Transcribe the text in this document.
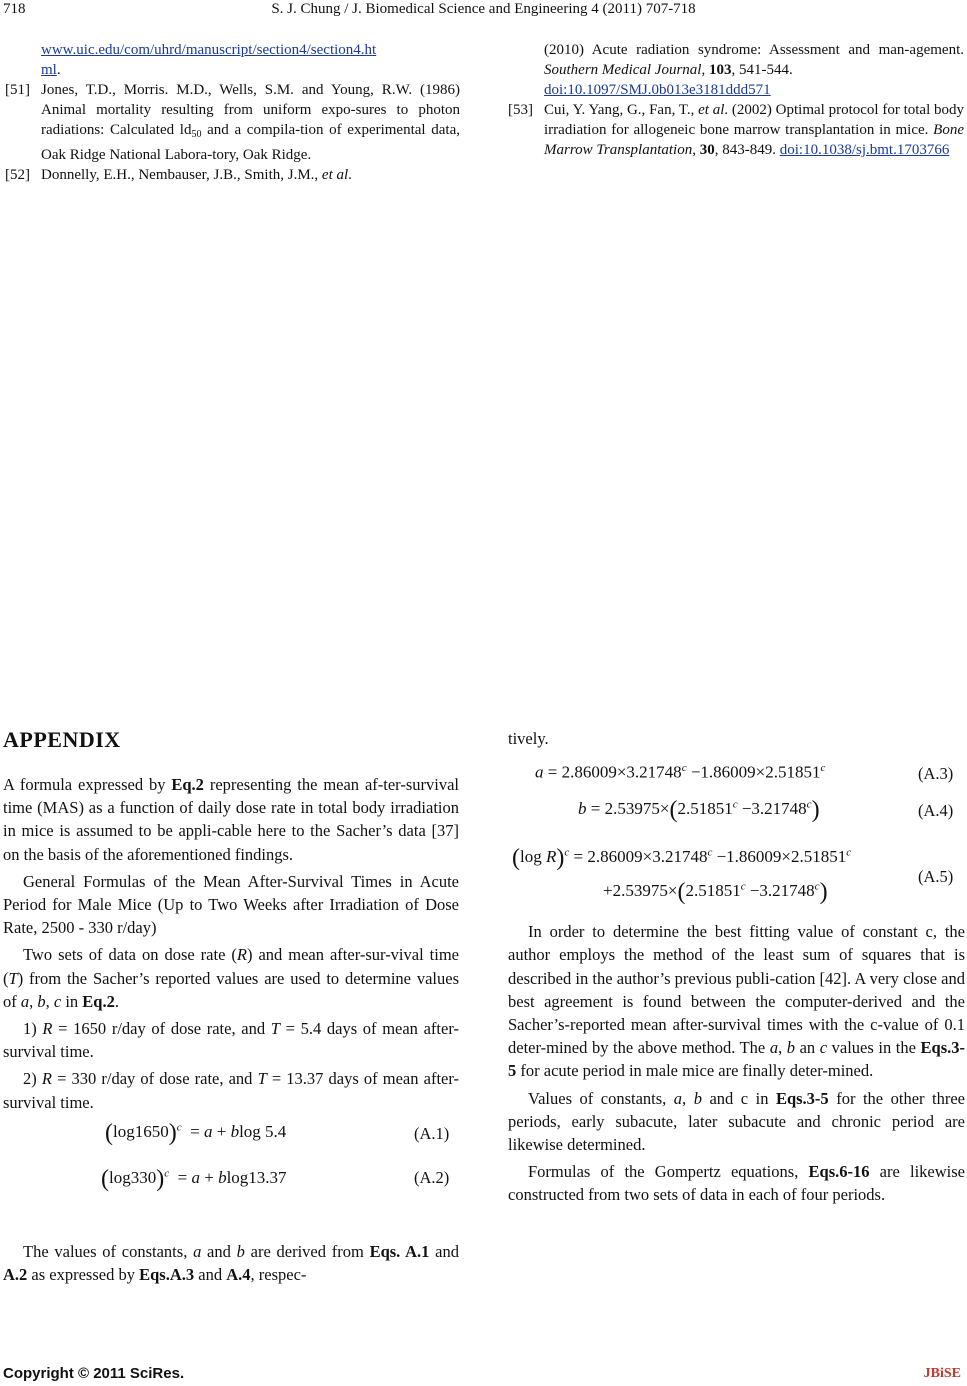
718	S. J. Chung / J. Biomedical Science and Engineering 4 (2011) 707-718
www.uic.edu/com/uhrd/manuscript/section4/section4.ht
ml.
[51] Jones, T.D., Morris. M.D., Wells, S.M. and Young, R.W. (1986) Animal mortality resulting from uniform expo-sures to photon radiations: Calculated $ld_{50}$ and a compila-tion of experimental data, Oak Ridge National Labora-tory, Oak Ridge.
[52] Donnelly, E.H., Nembauser, J.B., Smith, J.M., et al.
(2010) Acute radiation syndrome: Assessment and man-agement. Southern Medical Journal, 103, 541-544.
doi:10.1097/SMJ.0b013e3181ddd571
[53] Cui, Y. Yang, G., Fan, T., et al. (2002) Optimal protocol for total body irradiation for allogeneic bone marrow transplantation in mice. Bone Marrow Transplantation, 30, 843-849. doi:10.1038/sj.bmt.1703766
APPENDIX

A formula expressed by Eq.2 representing the mean af-ter-survival time (MAS) as a function of daily dose rate in total body irradiation in mice is assumed to be appli-cable here to the Sacher’s data [37] on the basis of the aforementioned findings.

General Formulas of the Mean After-Survival Times in Acute Period for Male Mice (Up to Two Weeks after Irradiation of Dose Rate, 2500 - 330 r/day)

Two sets of data on dose rate (R) and mean after-sur-vival time (T) from the Sacher’s reported values are used to determine values of a, b, c in Eq.2.

1) R = 1650 r/day of dose rate, and T = 5.4 days of mean after-survival time.

2) R = 330 r/day of dose rate, and T = 13.37 days of mean after-survival time.

The values of constants, a and b are derived from Eqs. A.1 and A.2 as expressed by Eqs.A.3 and A.4, respec-

$(\log 1650)^c = a + blog$ 5.4	(A.1)
$(\log 330)^c = a + blog13.37$	(A.2)

tively.

In order to determine the best fitting value of constant c, the author employs the method of the least sum of squares that is described in the author’s previous publi-cation [42]. A very close and best agreement is found between the computer-derived and the Sacher’s-reported mean after-survival times with the c-value of 0.1 deter-mined by the above method. The a, b an c values in the Eqs.3-5 for acute period in male mice are finally deter-mined.

Values of constants, a, b and c in Eqs.3-5 for the other three periods, early subacute, later subacute and chronic period are likewise determined.

Formulas of the Gompertz equations, Eqs.6-16 are likewise constructed from two sets of data in each of four periods.

a = 2.86009×3.21748$^c$ −1.86009×2.51851$^c$	(A.3)
b = 2.53975×(2.51851$^c$ −3.21748$^c$)	(A.4)
(log R)$^c$ = 2.86009×3.21748$^c$ −1.86009×2.51851$^c$
+2.53975×(2.51851$^c$ −3.21748$^c$)
(A.5)
Copyright © 2011 SciRes.	JBiSE
